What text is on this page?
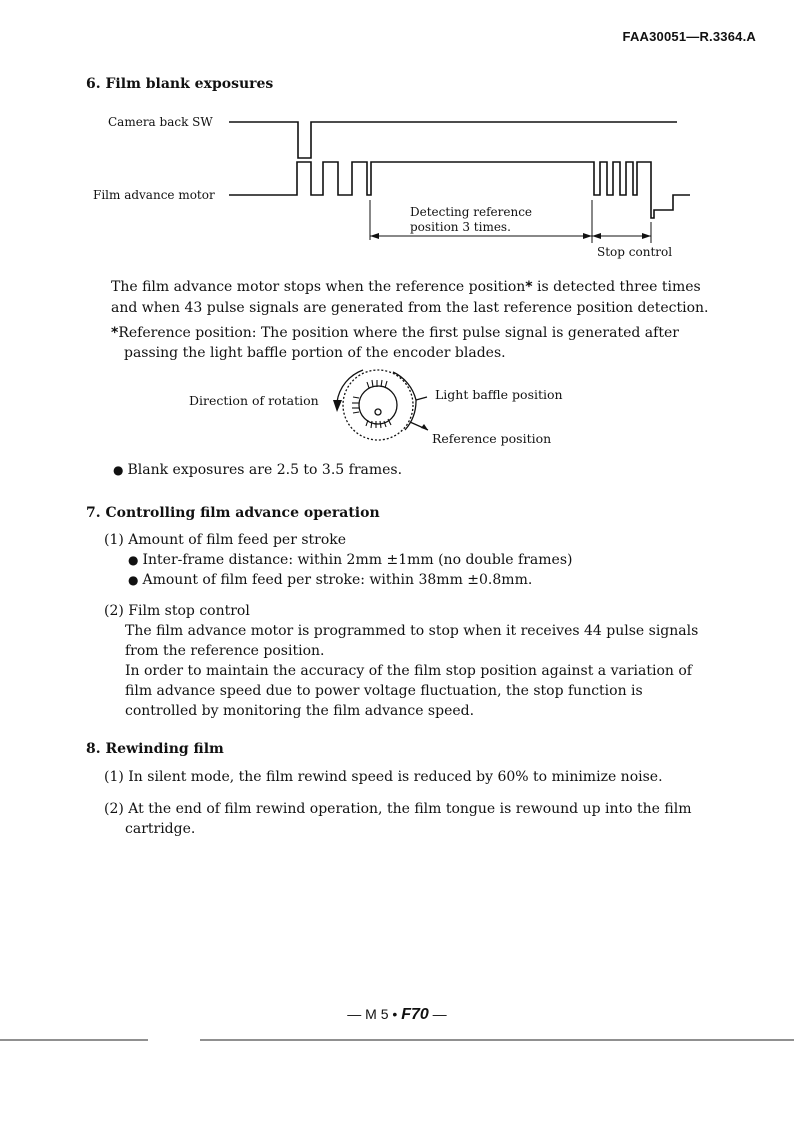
FAA30051—R.3364.A
6. Film blank exposures
Camera back SW
Film advance motor
Detecting reference
position 3 times.
Stop control
The film advance motor stops when the reference position* is detected three times
and when 43 pulse signals are generated from the last reference position detection.
*Reference position: The position where the first pulse signal is generated after
passing the light baffle portion of the encoder blades.
Direction of rotation	Light baffle position
Reference position
● Blank exposures are 2.5 to 3.5 frames.
7. Controlling film advance operation
(1) Amount of film feed per stroke
● Inter-frame distance: within 2mm ±1mm (no double frames)
● Amount of film feed per stroke: within 38mm ±0.8mm.
(2) Film stop control
The film advance motor is programmed to stop when it receives 44 pulse signals
from the reference position.
In order to maintain the accuracy of the film stop position against a variation of
film advance speed due to power voltage fluctuation, the stop function is
controlled by monitoring the film advance speed.
8. Rewinding film
(1) In silent mode, the film rewind speed is reduced by 60% to minimize noise.
(2) At the end of film rewind operation, the film tongue is rewound up into the film
cartridge.
— M 5 • F70 —
